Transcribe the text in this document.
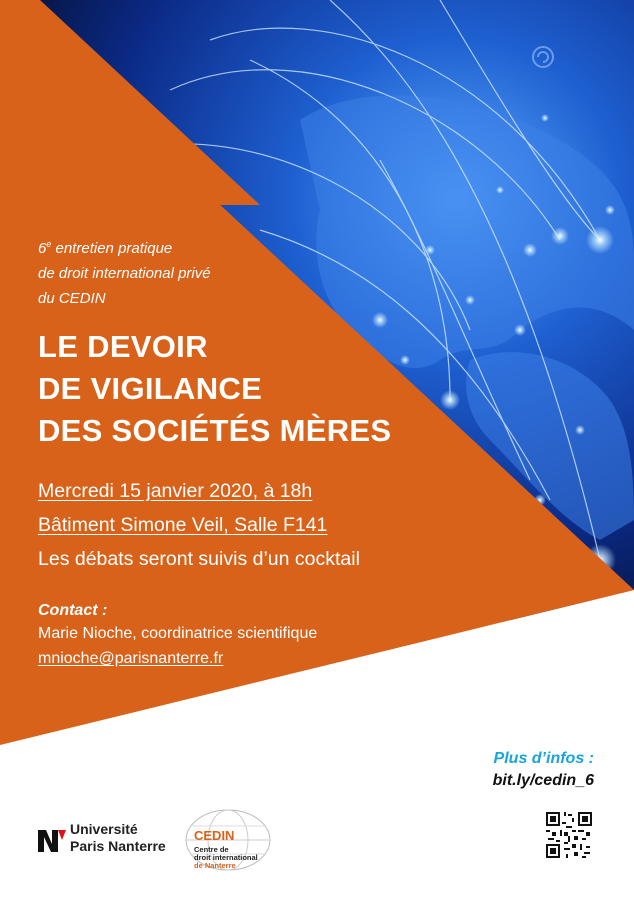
6e entretien pratique
de droit international privé
du CEDIN
LE DEVOIR
DE VIGILANCE
DES SOCIÉTÉS MÈRES
Mercredi 15 janvier 2020, à 18h
Bâtiment Simone Veil, Salle F141
Les débats seront suivis d’un cocktail
Contact :
Marie Nioche, coordinatrice scientifique
mnioche@parisnanterre.fr
Plus d’infos :
bit.ly/cedin_6
Université
Paris Nanterre
CEDIN
Centre de
droit international
de Nanterre
